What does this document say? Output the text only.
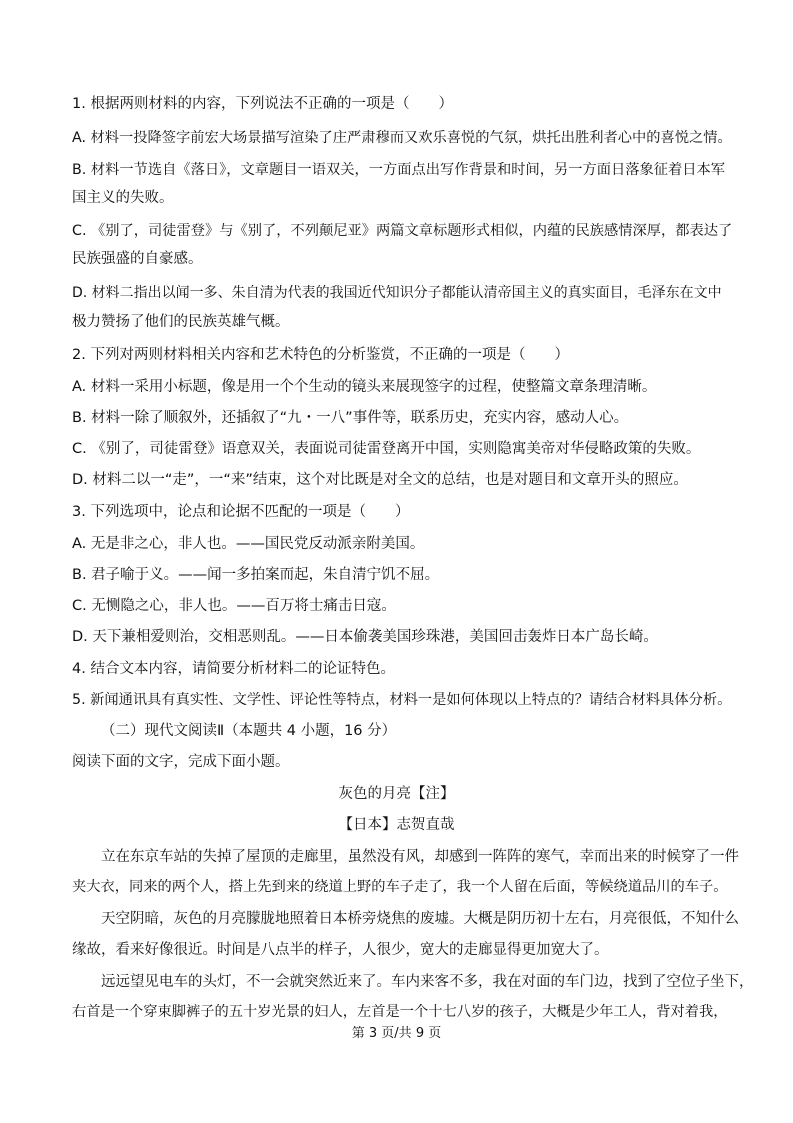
1. 根据两则材料的内容，下列说法不正确的一项是（　　）
A. 材料一投降签字前宏大场景描写渲染了庄严肃穆而又欢乐喜悦的气氛，烘托出胜利者心中的喜悦之情。
B. 材料一节选自《落日》，文章题目一语双关，一方面点出写作背景和时间，另一方面日落象征着日本军
国主义的失败。
C. 《别了，司徒雷登》与《别了，不列颠尼亚》两篇文章标题形式相似，内蕴的民族感情深厚，都表达了
民族强盛的自豪感。
D. 材料二指出以闻一多、朱自清为代表的我国近代知识分子都能认清帝国主义的真实面目，毛泽东在文中
极力赞扬了他们的民族英雄气概。
2. 下列对两则材料相关内容和艺术特色的分析鉴赏，不正确的一项是（　　）
A. 材料一采用小标题，像是用一个个生动的镜头来展现签字的过程，使整篇文章条理清晰。
B. 材料一除了顺叙外，还插叙了“九・一八”事件等，联系历史，充实内容，感动人心。
C. 《别了，司徒雷登》语意双关，表面说司徒雷登离开中国，实则隐寓美帝对华侵略政策的失败。
D. 材料二以一“走”，一“来”结束，这个对比既是对全文的总结，也是对题目和文章开头的照应。
3. 下列选项中，论点和论据不匹配的一项是（　　）
A. 无是非之心，非人也。——国民党反动派亲附美国。
B. 君子喻于义。——闻一多拍案而起，朱自清宁饥不屈。
C. 无恻隐之心，非人也。——百万将士痛击日寇。
D. 天下兼相爱则治，交相恶则乱。——日本偷袭美国珍珠港，美国回击轰炸日本广岛长崎。
4. 结合文本内容，请简要分析材料二的论证特色。
5. 新闻通讯具有真实性、文学性、评论性等特点，材料一是如何体现以上特点的？请结合材料具体分析。
（二）现代文阅读Ⅱ（本题共 4 小题，16 分）
阅读下面的文字，完成下面小题。
灰色的月亮【注】
【日本】志贺直哉
立在东京车站的失掉了屋顶的走廊里，虽然没有风，却感到一阵阵的寒气，幸而出来的时候穿了一件
夹大衣，同来的两个人，搭上先到来的绕道上野的车子走了，我一个人留在后面，等候绕道品川的车子。
天空阴暗，灰色的月亮朦胧地照着日本桥旁烧焦的废墟。大概是阴历初十左右，月亮很低，不知什么
缘故，看来好像很近。时间是八点半的样子，人很少，宽大的走廊显得更加宽大了。
远远望见电车的头灯，不一会就突然近来了。车内来客不多，我在对面的车门边，找到了空位子坐下，
右首是一个穿束脚裤子的五十岁光景的妇人，左首是一个十七八岁的孩子，大概是少年工人，背对着我，
第 3 页/共 9 页
